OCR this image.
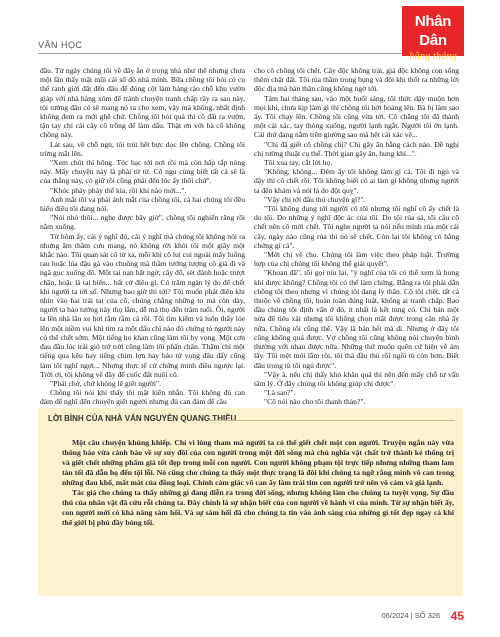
VĂN HỌC
Nhân Dân
hằng tháng

đầu. Từ ngày chúng tôi về đây ăn ở trong nhà như thể nhưng chưa một lần thấy mặt mũi cái số đồ nhà mình. Bữa chồng tôi hỏi có cụ thể ranh giới đất đến đâu để đóng cột làm hàng rào chỗ khu vườn giáp với nhà hàng xóm để tránh chuyện tranh chấp rây ra sau này, tôi tưởng đâu có sẽ mang nó ra cho xem, vậy mà không, nhất định không đem ra mới ghê chứ. Chồng tôi hỏi quá thì cô đất ra vườn, tận tay chỉ cái cây cô trồng để làm dấu. Thật ơn với bà cô không chồng này.

Lát sau, về chỗ ngủ, tôi trút hết bực dọc lên chồng. Chồng tôi trừng mắt lên.

"Xem chút thì hông. Tóc bạc tới nơi rồi mà còn hấp tấp nóng nảy. Mấy chuyện này là phải từ từ. Cô ngu cùng biết tất cả sẽ là của thằng này, có giữ rồi cũng phải đến lúc ấy thôi chứ".

"Khóc pháy pháy thế kia, rồi khi nào mới...".

Anh mắt tôi va phải ánh mắt của chồng tôi, cả hai chúng tôi đều hiểu điều tôi đang nói.

"Nói nhỏ thôi... nghe được bây giờ", chồng tôi nghiến răng rồi nằm xuống.

Từ hôm ấy, cái ý nghĩ đó, cái ý nghĩ mà chúng tôi không nói ra nhưng âm thầm cưu mang, nó không rời khỏi tôi một giây một khắc nào. Tôi quan sát cô từ xa, mỗi khi cô lui cui ngoài mấy luống rau hoặc lúa đậu gà vào chuồng mà thầm tưởng tượng cô già đi và ngã gục xuống đó. Một tai nạn bất ngờ, cây đổ, sét đánh hoặc trượt chân, hoặc là tai biến... bất cứ điều gì. Có trăm ngàn lý do để chết khi người ta tới số. Nhưng bao giờ thì tới? Tôi muốn phát điên khi nhìn vào hai trái tai của cô, chúng chẳng những to mà còn dày, người ta bảo tướng này thọ lắm, dễ mà thọ đến trăm tuổi. Ôi, người ta lên nhà lâu xe hơi rằm rầm cả rồi. Tôi tìm kiếm và luôn thấy lóe lên một niềm vui khi tìm ra một dấu chỉ nào đó chứng tỏ người này có thể chết sớm. Một tiếng ho khan cũng làm tôi hy vọng. Một cơn đau đầu lúc trái gió trở trời cũng làm tôi phấn chấn. Thậm chí một tiếng qua kêu hay tiếng chim lợn hay báo tử vọng đâu đấy cũng làm tôi nghĩ ngợi... Nhưng thực tế cứ chứng minh điều ngược lại. Trời ơi, tôi không về đây để cuốc đất nuôi cô.

"Phải chờ, chứ không lẽ giết người".

Chồng tôi nói khi thấy tôi mặt kiên nhẫn. Tôi không đủ can đảm để nghĩ đến chuyện giết người nhưng đủ can đảm để cầu

cho cô chồng tôi chết. Cây độc không trái, giả độc không con sống thêm chật đất. Tôi rủa thầm trong bụng và đôi khi thốt ra những lời độc địa mà bản thân cũng không ngờ tới.

Tám hai tháng sau, vào một buổi sáng, tôi thức dậy muộn hơn mọi khi, chưa kịp làm gì thì chồng tôi hớt hoảng lên. Bà bị làm sao ấy. Tôi chạy lên. Chồng tôi cũng vừa tới. Cô chẳng tôi đã thành một cái xác, tay thòng xuống, người lạnh ngắt. Người tôi ớn lạnh. Cái thứ đang nằm trên giường sao mà hệt cái xác vẽ...

"Chị đã giết cô chồng chị? Chị gây ăn bằng cách nào. Đề nghị chị tường thuật cụ thể. Thời gian gây ăn, hung khí...".

Tôi xua tay, cắt lời họ.

"Không, không... Đêm ấy tôi không làm gì cả. Tôi đi ngủ và dậy thì cô chết rồi. Tôi không biết có ai làm gì không nhưng người ta đến khám và nói là do đột quỵ".

"Vậy chị tới đầu thú chuyện gì?".

"Tôi không dụng tới người cô tôi nhưng tôi nghĩ cô ấy chết là do tôi. Do những ý nghĩ độc ác của tôi. Do tôi rủa sả, tôi cầu cô chết nên cô mới chết. Tôi nghe người ta nói nếu mình rủa một cái cây, ngày nào cũng rủa thì nó sẽ chết. Còn lại tôi không có bằng chứng gì cả".

"Mời chị về cho. Chúng tôi làm việc theo pháp luật. Trường hợp của chị chúng tôi không thể giải quyết".

"Khoan đã", tôi gọi níu lại, "ý nghĩ của tôi có thể xem là hung khí được không? Chồng tôi có thể làm chứng. Bằng ra tôi phải dẫn chồng tôi theo nhưng vì chúng tôi đang ly thân. Cô tôi chết, tất cả thuộc về chồng tôi, hoàn toàn đúng luật, không ai tranh chấp. Bao đầu chúng tôi định vấn ở đó, ít nhất là kết tung có. Chỉ bán một nửa để tiêu xài nhưng tôi không chọn mặt được trong căn nhà ấy nữa. Chồng tôi cũng thế. Vậy là bán hết mà đi. Nhưng ở đây tôi cũng không quá được. Vợ chồng tôi cũng không nói chuyện bình thường với nhau được nữa. Những thứ muốn quên cứ hiện về ám lấy. Tôi mệt mỏi lắm rồi, tôi thà đầu thú rồi ngồi tù còn hơn. Biết đâu trong tù tôi ngủ được".

"Vậy à, nếu chị thấy khó khăn quá thì nên đến mấy chỗ tư vấn tâm lý. Ở đây chúng tôi không giúp chị được".

"Là sao?".

"Cô nói nào cho tôi thanh thản?".

LỜI BÌNH CỦA NHÀ VĂN NGUYỄN QUANG THIỀU

Một câu chuyện khủng khiếp. Chỉ vì lòng tham mà người ta có thể giết chết một con người. Truyện ngắn này vừa thông báo vừa cảnh báo về sự suy đồi của con người trong một đời sống mà chủ nghĩa vật chất trở thành kẻ thống trị và giết chết những phẩm giá tốt đẹp trong mỗi con người. Con người không phạm tội trực tiếp nhưng những tham lam tàn tối đã dẫn họ đến tội lỗi. Nó cũng cho chúng ta thấy một thực trạng là đôi khi chúng ta ngỡ rằng mình vô can trong những đau khổ, mất mát của đồng loại. Chính cảm giác vô can ấy làm trái tim con người trở nên vô cảm và giả lạnh.

Tác giả cho chúng ta thấy những gì đang diễn ra trong đời sống, nhưng không làm cho chúng ta tuyệt vọng. Sự đầu thú của nhân vật đã cứu rỗi chúng ta. Đây chính là sự nhận biết của con người về hành vi của mình. Từ sự nhận biết ấy, con người mới có khả năng sám hối. Và sự sám hối đã cho chúng ta tin vào ánh sáng của những gì tốt đẹp ngay cả khi thế giới bị phủ đầy bóng tối.

06/2024 | SỐ 326 45
